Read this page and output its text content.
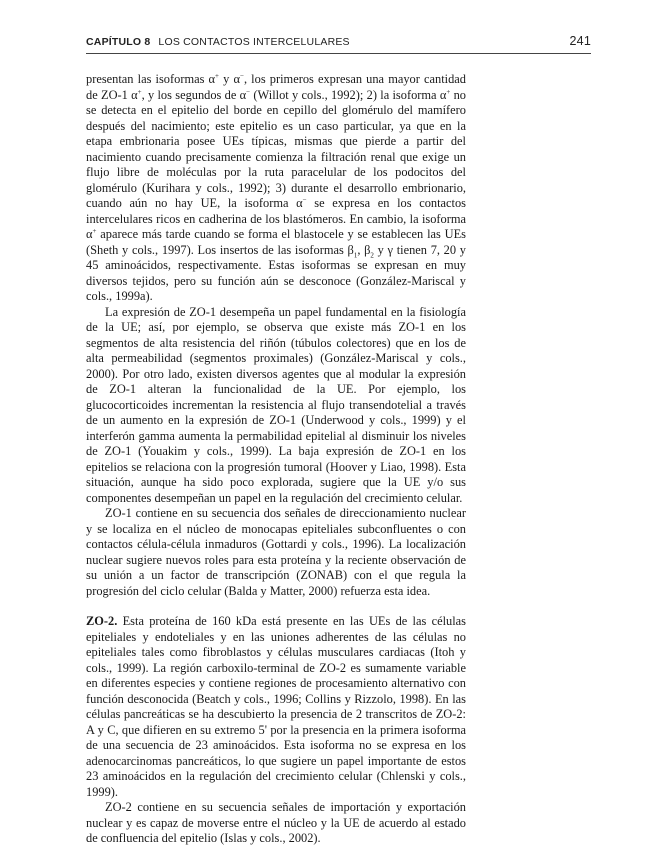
CAPÍTULO 8 LOS CONTACTOS INTERCELULARES	241

presentan las isoformas α+ y α−, los primeros expresan una mayor cantidad de ZO-1 α+, y los segundos de α− (Willot y cols., 1992); 2) la isoforma α+ no se detecta en el epitelio del borde en cepillo del glomérulo del mamífero después del nacimiento; este epitelio es un caso particular, ya que en la etapa embrionaria posee UEs típicas, mismas que pierde a partir del nacimiento cuando precisamente comienza la filtración renal que exige un flujo libre de moléculas por la ruta paracelular de los podocitos del glomérulo (Kurihara y cols., 1992); 3) durante el desarrollo embrionario, cuando aún no hay UE, la isoforma α− se expresa en los contactos intercelulares ricos en cadherina de los blastómeros. En cambio, la isoforma α+ aparece más tarde cuando se forma el blastocele y se establecen las UEs (Sheth y cols., 1997). Los insertos de las isoformas $\beta_1$, $\beta_2$ y γ tienen 7, 20 y 45 aminoácidos, respectivamente. Estas isoformas se expresan en muy diversos tejidos, pero su función aún se desconoce (González-Mariscal y cols., 1999a).

La expresión de ZO-1 desempeña un papel fundamental en la fisiología de la UE; así, por ejemplo, se observa que existe más ZO-1 en los segmentos de alta resistencia del riñón (túbulos colectores) que en los de alta permeabilidad (segmentos proximales) (González-Mariscal y cols., 2000). Por otro lado, existen diversos agentes que al modular la expresión de ZO-1 alteran la funcionalidad de la UE. Por ejemplo, los glucocorticoides incrementan la resistencia al flujo transendotelial a través de un aumento en la expresión de ZO-1 (Underwood y cols., 1999) y el interferón gamma aumenta la permabilidad epitelial al disminuir los niveles de ZO-1 (Youakim y cols., 1999). La baja expresión de ZO-1 en los epitelios se relaciona con la progresión tumoral (Hoover y Liao, 1998). Esta situación, aunque ha sido poco explorada, sugiere que la UE y/o sus componentes desempeñan un papel en la regulación del crecimiento celular.

ZO-1 contiene en su secuencia dos señales de direccionamiento nuclear y se localiza en el núcleo de monocapas epiteliales subconfluentes o con contactos célula-célula inmaduros (Gottardi y cols., 1996). La localización nuclear sugiere nuevos roles para esta proteína y la reciente observación de su unión a un factor de transcripción (ZONAB) con el que regula la progresión del ciclo celular (Balda y Matter, 2000) refuerza esta idea.

ZO-2. Esta proteína de 160 kDa está presente en las UEs de las células epiteliales y endoteliales y en las uniones adherentes de las células no epiteliales tales como fibroblastos y células musculares cardiacas (Itoh y cols., 1999). La región carboxilo-terminal de ZO-2 es sumamente variable en diferentes especies y contiene regiones de procesamiento alternativo con función desconocida (Beatch y cols., 1996; Collins y Rizzolo, 1998). En las células pancreáticas se ha descubierto la presencia de 2 transcritos de ZO-2: A y C, que difieren en su extremo 5' por la presencia en la primera isoforma de una secuencia de 23 aminoácidos. Esta isoforma no se expresa en los adenocarcinomas pancreáticos, lo que sugiere un papel importante de estos 23 aminoácidos en la regulación del crecimiento celular (Chlenski y cols., 1999).

ZO-2 contiene en su secuencia señales de importación y exportación nuclear y es capaz de moverse entre el núcleo y la UE de acuerdo al estado de confluencia del epitelio (Islas y cols., 2002).
